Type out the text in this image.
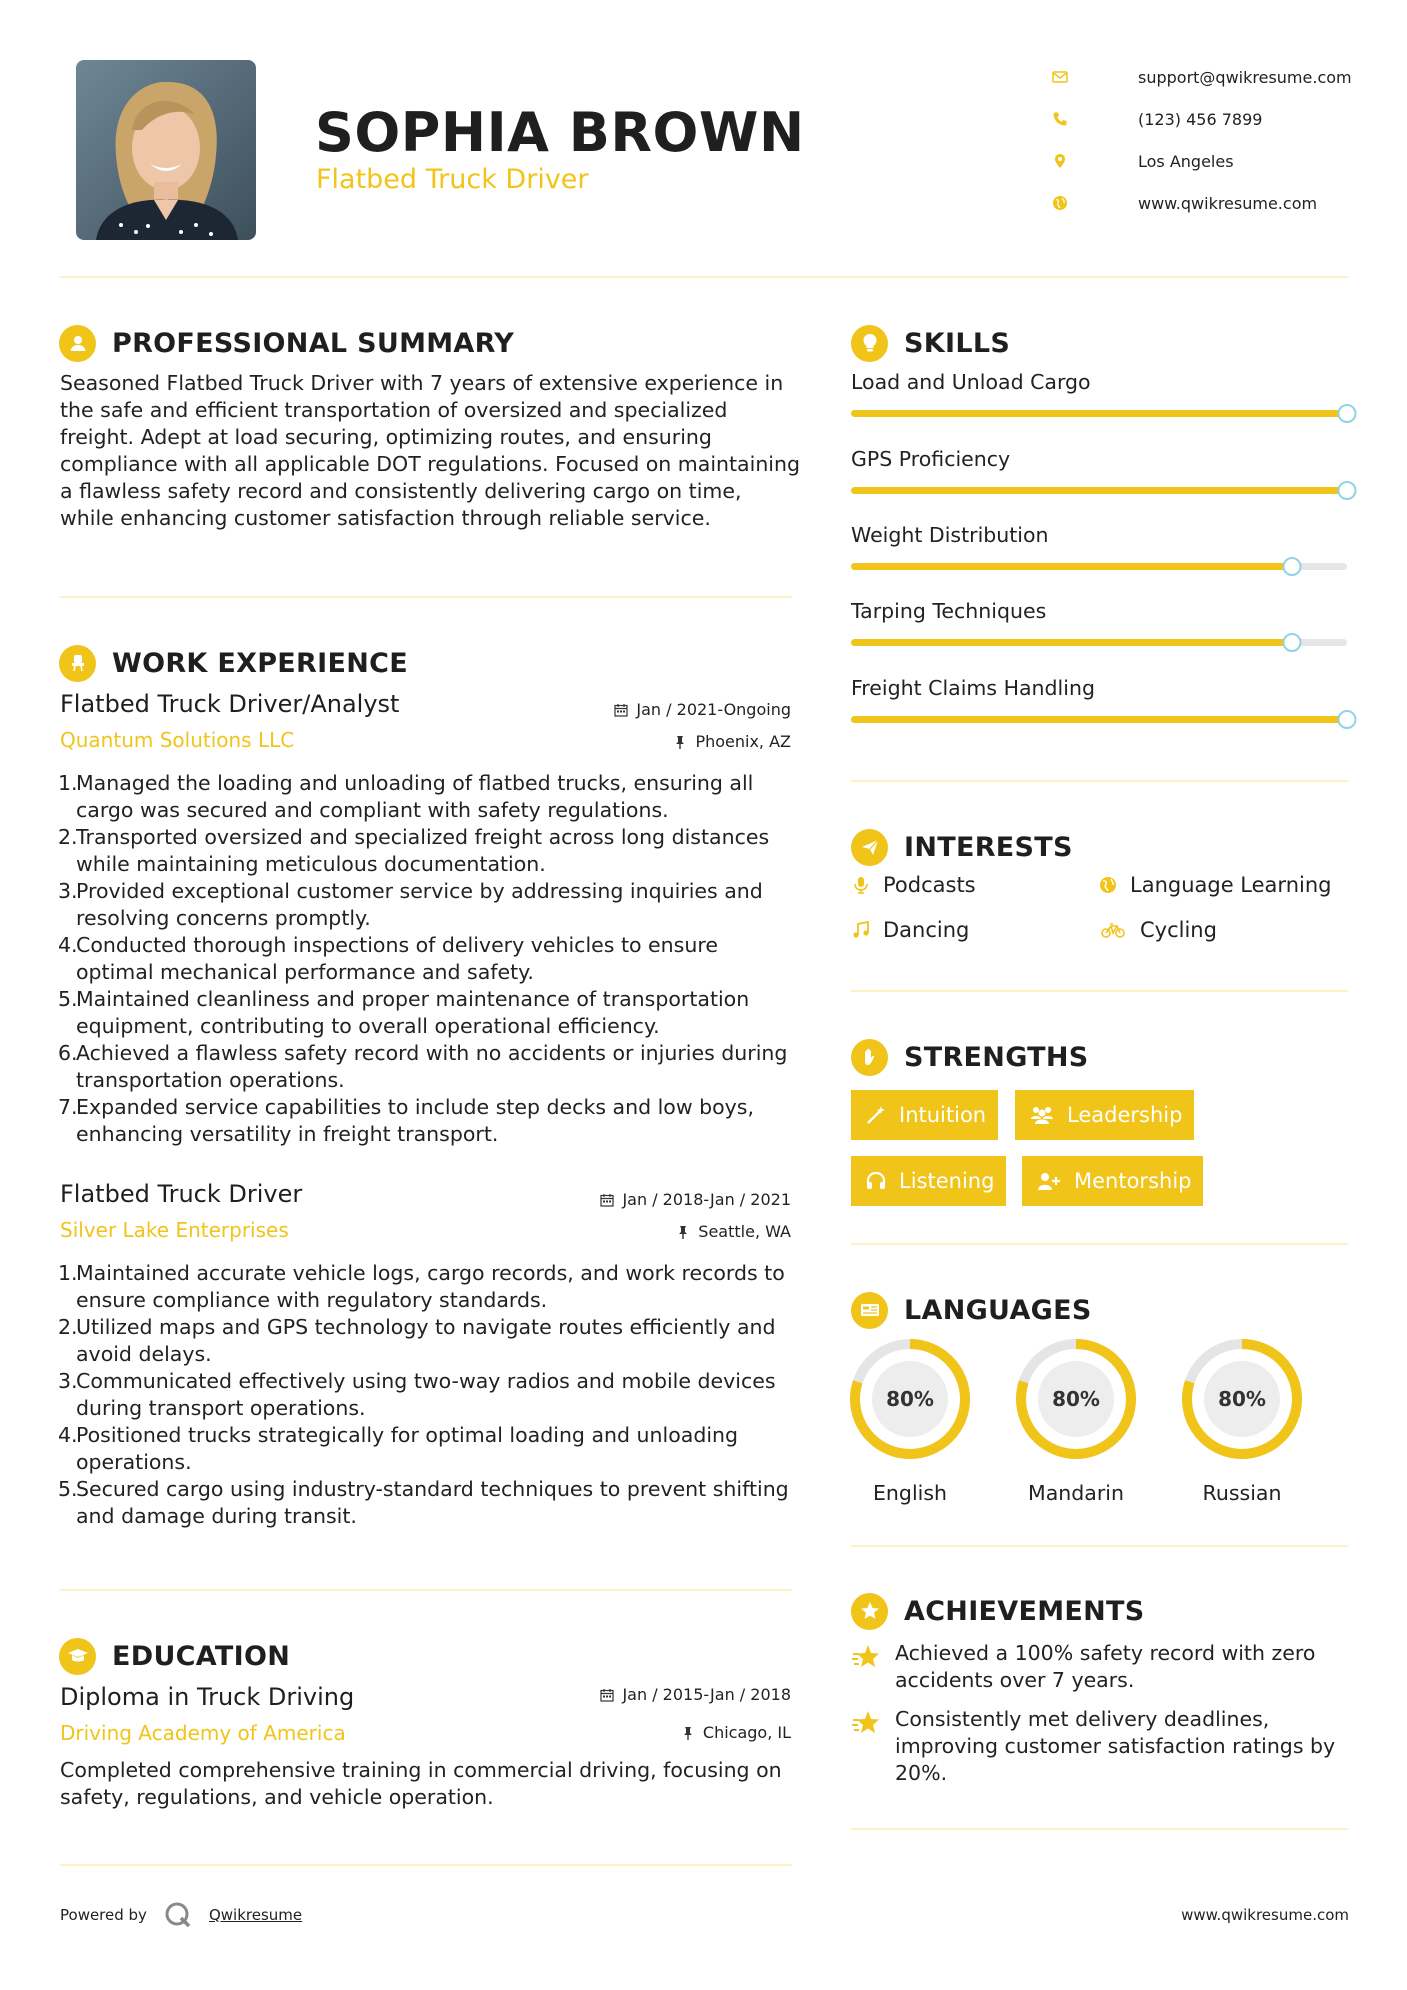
SOPHIA BROWN
Flatbed Truck Driver
support@qwikresume.com
(123) 456 7899
Los Angeles
www.qwikresume.com
PROFESSIONAL SUMMARY
Seasoned Flatbed Truck Driver with 7 years of extensive experience in the safe and efficient transportation of oversized and specialized freight. Adept at load securing, optimizing routes, and ensuring compliance with all applicable DOT regulations. Focused on maintaining a flawless safety record and consistently delivering cargo on time, while enhancing customer satisfaction through reliable service.
WORK EXPERIENCE
Flatbed Truck Driver/Analyst	Jan / 2021-Ongoing
Quantum Solutions LLC	Phoenix, AZ
1.
Managed the loading and unloading of flatbed trucks, ensuring all cargo was secured and compliant with safety regulations.
2.
Transported oversized and specialized freight across long distances while maintaining meticulous documentation.
3.
Provided exceptional customer service by addressing inquiries and resolving concerns promptly.
4.
Conducted thorough inspections of delivery vehicles to ensure optimal mechanical performance and safety.
5.
Maintained cleanliness and proper maintenance of transportation equipment, contributing to overall operational efficiency.
6.
Achieved a flawless safety record with no accidents or injuries during transportation operations.
7.
Expanded service capabilities to include step decks and low boys, enhancing versatility in freight transport.
Flatbed Truck Driver	Jan / 2018-Jan / 2021
Silver Lake Enterprises	Seattle, WA
1.
Maintained accurate vehicle logs, cargo records, and work records to ensure compliance with regulatory standards.
2.
Utilized maps and GPS technology to navigate routes efficiently and avoid delays.
3.
Communicated effectively using two-way radios and mobile devices during transport operations.
4.
Positioned trucks strategically for optimal loading and unloading operations.
5.
Secured cargo using industry-standard techniques to prevent shifting and damage during transit.
EDUCATION
Diploma in Truck Driving	Jan / 2015-Jan / 2018
Driving Academy of America	Chicago, IL
Completed comprehensive training in commercial driving, focusing on safety, regulations, and vehicle operation.
SKILLS
Load and Unload Cargo
GPS Proficiency
Weight Distribution
Tarping Techniques
Freight Claims Handling
INTERESTS
Podcasts	Language Learning
Dancing	Cycling
STRENGTHS
Intuition	Leadership
Listening	Mentorship
LANGUAGES
80%
English
80%
Mandarin
80%
Russian
ACHIEVEMENTS
Achieved a 100% safety record with zero accidents over 7 years.
Consistently met delivery deadlines, improving customer satisfaction ratings by 20%.
Powered by	Qwikresume	www.qwikresume.com
